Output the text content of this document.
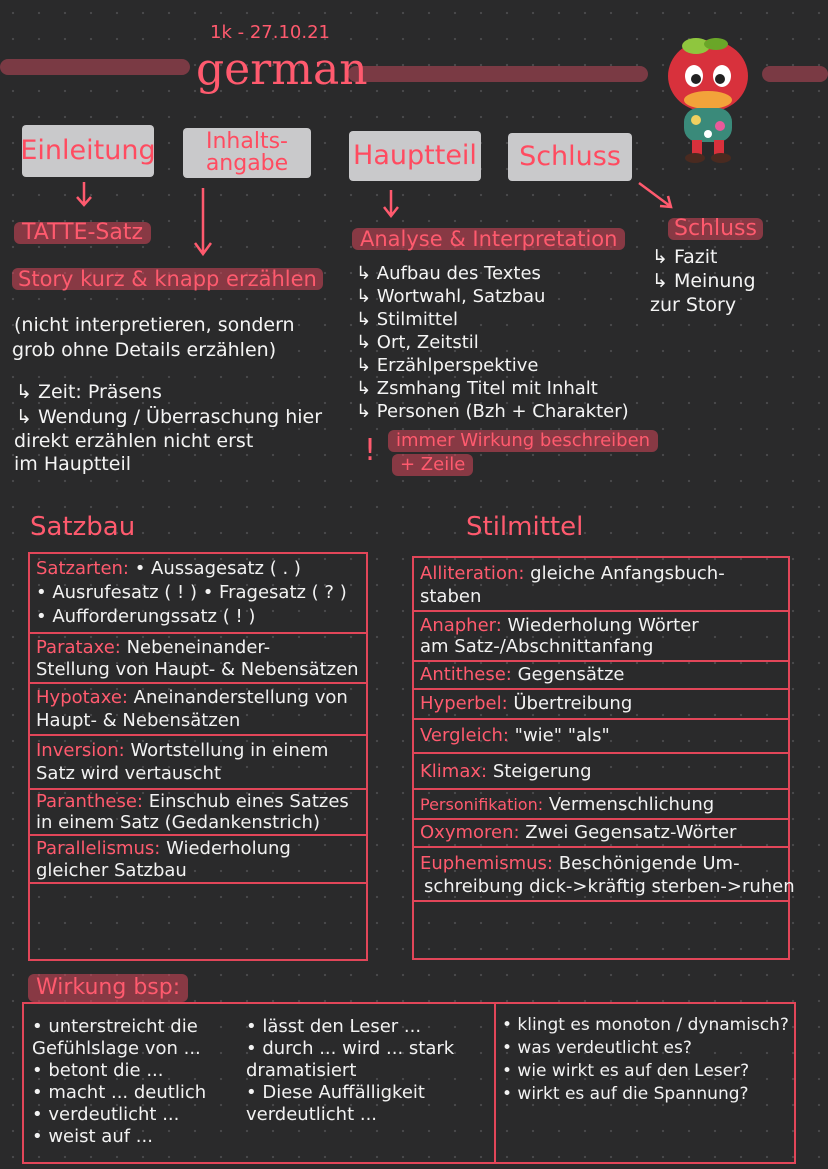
1k - 27.10.21
german
Einleitung Inhalts-
angabe Hauptteil Schluss
TATTE-Satz
Story kurz & knapp erzählen
(nicht interpretieren, sondern
grob ohne Details erzählen)
↳ Zeit: Präsens
↳ Wendung / Überraschung hier
direkt erzählen nicht erst
im Hauptteil
Analyse & Interpretation
↳ Aufbau des Textes
↳ Wortwahl, Satzbau
↳ Stilmittel
↳ Ort, Zeitstil
↳ Erzählperspektive
↳ Zsmhang Titel mit Inhalt
↳ Personen (Bzh + Charakter)
!	immer Wirkung beschreiben
+ Zeile
Schluss
↳ Fazit
↳ Meinung
zur Story
Satzbau
Satzarten: • Aussagesatz ( . )
• Ausrufesatz ( ! ) • Fragesatz ( ? )
• Aufforderungssatz ( ! )
Parataxe: Nebeneinander-
Stellung von Haupt- & Nebensätzen
Hypotaxe: Aneinanderstellung von
Haupt- & Nebensätzen
Inversion: Wortstellung in einem
Satz wird vertauscht
Paranthese: Einschub eines Satzes
in einem Satz (Gedankenstrich)
Parallelismus: Wiederholung
gleicher Satzbau
Stilmittel
Alliteration: gleiche Anfangsbuch-
staben
Anapher: Wiederholung Wörter
am Satz-/Abschnittanfang
Antithese: Gegensätze
Hyperbel: Übertreibung
Vergleich: "wie" "als"
Klimax: Steigerung
Personifikation: Vermenschlichung
Oxymoren: Zwei Gegensatz-Wörter
Euphemismus: Beschönigende Um-
schreibung dick->kräftig sterben->ruhen
Wirkung bsp:
• unterstreicht die
Gefühlslage von ...
• betont die ...
• macht ... deutlich
• verdeutlicht ...
• weist auf ...
• lässt den Leser ...
• durch ... wird ... stark
dramatisiert
• Diese Auffälligkeit
verdeutlicht ...
• klingt es monoton / dynamisch?
• was verdeutlicht es?
• wie wirkt es auf den Leser?
• wirkt es auf die Spannung?
